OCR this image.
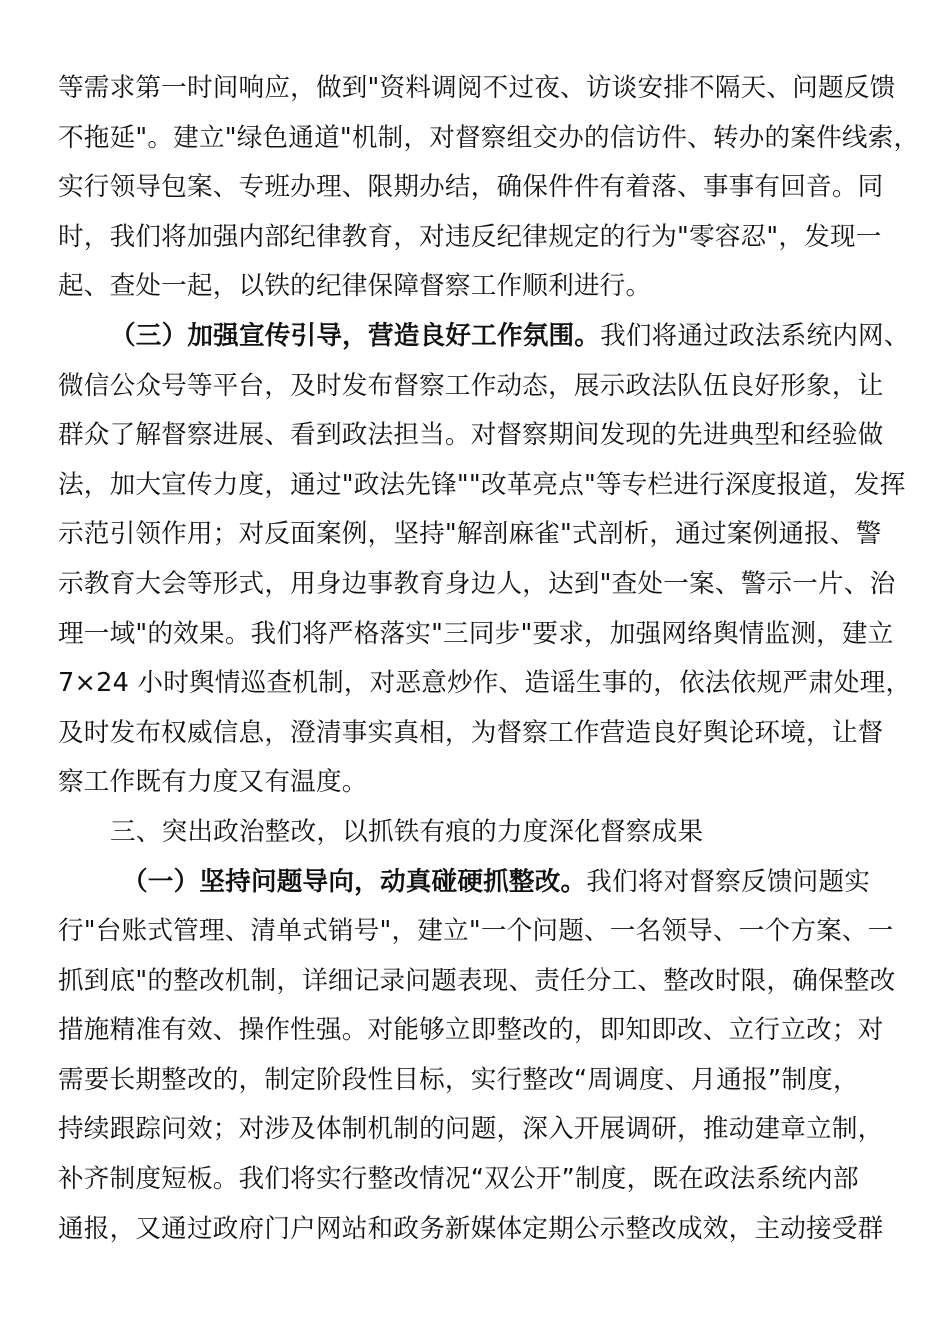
等需求第一时间响应，做到"资料调阅不过夜、访谈安排不隔天、问题反馈
不拖延"。建立"绿色通道"机制，对督察组交办的信访件、转办的案件线索，
实行领导包案、专班办理、限期办结，确保件件有着落、事事有回音。同
时，我们将加强内部纪律教育，对违反纪律规定的行为"零容忍"，发现一
起、查处一起，以铁的纪律保障督察工作顺利进行。
（三）加强宣传引导，营造良好工作氛围。我们将通过政法系统内网、
微信公众号等平台，及时发布督察工作动态，展示政法队伍良好形象，让
群众了解督察进展、看到政法担当。对督察期间发现的先进典型和经验做
法，加大宣传力度，通过"政法先锋""改革亮点"等专栏进行深度报道，发挥
示范引领作用；对反面案例，坚持"解剖麻雀"式剖析，通过案例通报、警
示教育大会等形式，用身边事教育身边人，达到"查处一案、警示一片、治
理一域"的效果。我们将严格落实"三同步"要求，加强网络舆情监测，建立
7×24 小时舆情巡查机制，对恶意炒作、造谣生事的，依法依规严肃处理，
及时发布权威信息，澄清事实真相，为督察工作营造良好舆论环境，让督
察工作既有力度又有温度。
三、突出政治整改，以抓铁有痕的力度深化督察成果
（一）坚持问题导向，动真碰硬抓整改。我们将对督察反馈问题实
行"台账式管理、清单式销号"，建立"一个问题、一名领导、一个方案、一
抓到底"的整改机制，详细记录问题表现、责任分工、整改时限，确保整改
措施精准有效、操作性强。对能够立即整改的，即知即改、立行立改；对
需要长期整改的，制定阶段性目标，实行整改“周调度、月通报”制度，
持续跟踪问效；对涉及体制机制的问题，深入开展调研，推动建章立制，
补齐制度短板。我们将实行整改情况“双公开”制度，既在政法系统内部
通报，又通过政府门户网站和政务新媒体定期公示整改成效，主动接受群
